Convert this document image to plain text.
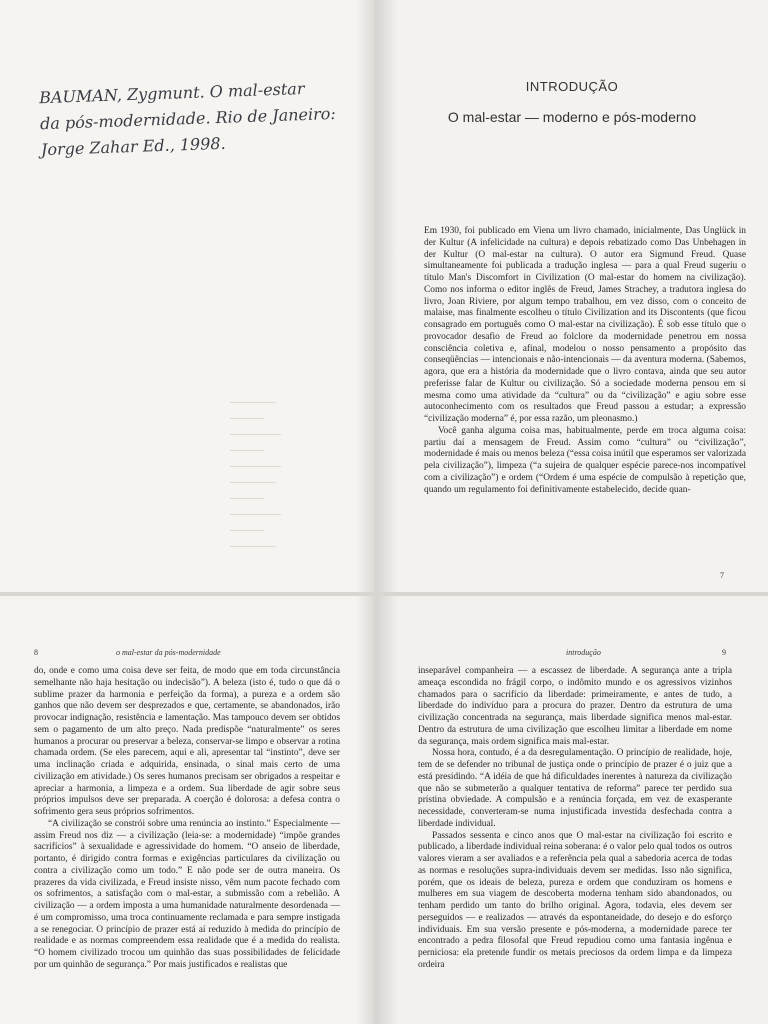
BAUMAN, Zygmunt. O mal-estar
da pós-modernidade. Rio de Janeiro:
Jorge Zahar Ed., 1998.
────────
──────
─────────
──────
─────────
────────
──────
─────────
──────
────────
INTRODUÇÃO
O mal-estar — moderno e pós-moderno

Em 1930, foi publicado em Viena um livro chamado, inicialmente, Das Unglück in der Kultur (A infelicidade na cultura) e depois rebatizado como Das Unbehagen in der Kultur (O mal-estar na cultura). O autor era Sigmund Freud. Quase simultaneamente foi publicada a tradução inglesa — para a qual Freud sugeriu o título Man's Discomfort in Civilization (O mal-estar do homem na civilização). Como nos informa o editor inglês de Freud, James Strachey, a tradutora inglesa do livro, Joan Riviere, por algum tempo trabalhou, em vez disso, com o conceito de malaise, mas finalmente escolheu o título Civilization and its Discontents (que ficou consagrado em português como O mal-estar na civilização). É sob esse título que o provocador desafio de Freud ao folclore da modernidade penetrou em nossa consciência coletiva e, afinal, modelou o nosso pensamento a propósito das conseqüências — intencionais e não-intencionais — da aventura moderna. (Sabemos, agora, que era a história da modernidade que o livro contava, ainda que seu autor preferisse falar de Kultur ou civilização. Só a sociedade moderna pensou em si mesma como uma atividade da “cultura” ou da “civilização” e agiu sobre esse autoconhecimento com os resultados que Freud passou a estudar; a expressão “civilização moderna” é, por essa razão, um pleonasmo.)

Você ganha alguma coisa mas, habitualmente, perde em troca alguma coisa: partiu daí a mensagem de Freud. Assim como “cultura” ou “civilização”, modernidade é mais ou menos beleza (“essa coisa inútil que esperamos ser valorizada pela civilização”), limpeza (“a sujeira de qualquer espécie parece-nos incompatível com a civilização”) e ordem (“Ordem é uma espécie de compulsão à repetição que, quando um regulamento foi definitivamente estabelecido, decide quan-

7
8	o mal-estar da pós-modernidade

do, onde e como uma coisa deve ser feita, de modo que em toda circunstância semelhante não haja hesitação ou indecisão”). A beleza (isto é, tudo o que dá o sublime prazer da harmonia e perfeição da forma), a pureza e a ordem são ganhos que não devem ser desprezados e que, certamente, se abandonados, irão provocar indignação, resistência e lamentação. Mas tampouco devem ser obtidos sem o pagamento de um alto preço. Nada predispõe “naturalmente” os seres humanos a procurar ou preservar a beleza, conservar-se limpo e observar a rotina chamada ordem. (Se eles parecem, aqui e ali, apresentar tal “instinto”, deve ser uma inclinação criada e adquirida, ensinada, o sinal mais certo de uma civilização em atividade.) Os seres humanos precisam ser obrigados a respeitar e apreciar a harmonia, a limpeza e a ordem. Sua liberdade de agir sobre seus próprios impulsos deve ser preparada. A coerção é dolorosa: a defesa contra o sofrimento gera seus próprios sofrimentos.

“A civilização se constrói sobre uma renúncia ao instinto.” Especialmente — assim Freud nos diz — a civilização (leia-se: a modernidade) “impõe grandes sacrifícios” à sexualidade e agressividade do homem. “O anseio de liberdade, portanto, é dirigido contra formas e exigências particulares da civilização ou contra a civilização como um todo.” E não pode ser de outra maneira. Os prazeres da vida civilizada, e Freud insiste nisso, vêm num pacote fechado com os sofrimentos, a satisfação com o mal-estar, a submissão com a rebelião. A civilização — a ordem imposta a uma humanidade naturalmente desordenada — é um compromisso, uma troca continuamente reclamada e para sempre instigada a se renegociar. O princípio de prazer está aí reduzido à medida do princípio de realidade e as normas compreendem essa realidade que é a medida do realista. “O homem civilizado trocou um quinhão das suas possibilidades de felicidade por um quinhão de segurança.” Por mais justificados e realistas que

introdução	9

inseparável companheira — a escassez de liberdade. A segurança ante a tripla ameaça escondida no frágil corpo, o indômito mundo e os agressivos vizinhos chamados para o sacrifício da liberdade: primeiramente, e antes de tudo, a liberdade do indivíduo para a procura do prazer. Dentro da estrutura de uma civilização concentrada na segurança, mais liberdade significa menos mal-estar. Dentro da estrutura de uma civilização que escolheu limitar a liberdade em nome da segurança, mais ordem significa mais mal-estar.

Nossa hora, contudo, é a da desregulamentação. O princípio de realidade, hoje, tem de se defender no tribunal de justiça onde o princípio de prazer é o juiz que a está presidindo. “A idéia de que há dificuldades inerentes à natureza da civilização que não se submeterão a qualquer tentativa de reforma” parece ter perdido sua prístina obviedade. A compulsão e a renúncia forçada, em vez de exasperante necessidade, converteram-se numa injustificada investida desfechada contra a liberdade individual.

Passados sessenta e cinco anos que O mal-estar na civilização foi escrito e publicado, a liberdade individual reina soberana: é o valor pelo qual todos os outros valores vieram a ser avaliados e a referência pela qual a sabedoria acerca de todas as normas e resoluções supra-individuais devem ser medidas. Isso não significa, porém, que os ideais de beleza, pureza e ordem que conduziram os homens e mulheres em sua viagem de descoberta moderna tenham sido abandonados, ou tenham perdido um tanto do brilho original. Agora, todavia, eles devem ser perseguidos — e realizados — através da espontaneidade, do desejo e do esforço individuais. Em sua versão presente e pós-moderna, a modernidade parece ter encontrado a pedra filosofal que Freud repudiou como uma fantasia ingênua e perniciosa: ela pretende fundir os metais preciosos da ordem limpa e da limpeza ordeira
